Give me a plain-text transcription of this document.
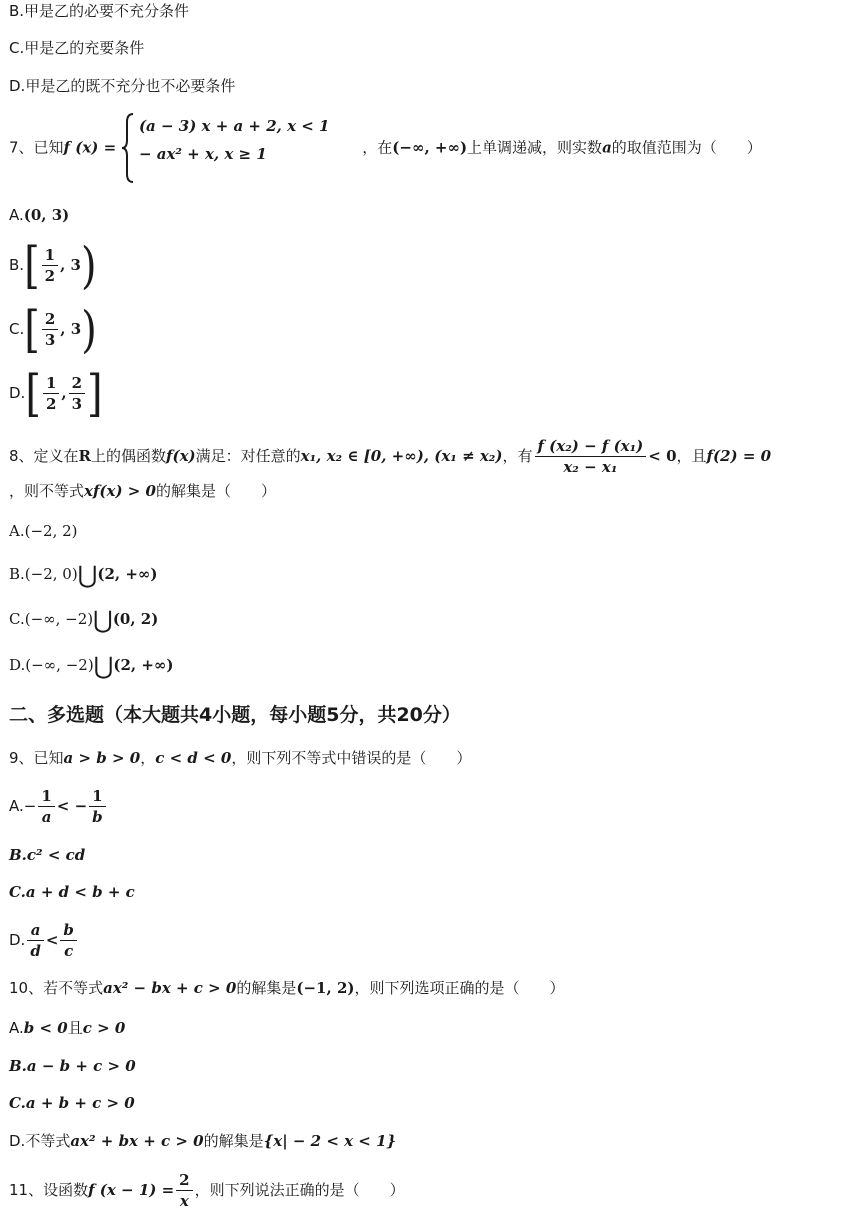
B.甲是乙的必要不充分条件
C.甲是乙的充要条件
D.甲是乙的既不充分也不必要条件
7、已知f (x) =
(a − 3) x + a + 2, x < 1
− ax² + x, x ≥ 1
	，在(−∞, +∞)上单调递减，则实数a的取值范围为（　　）
A.(0, 3)
$B.[ \frac{1}{2}$ , 3)
$C.[ \frac{2}{3}$ , 3)
$D.[ \frac{1}{2}$ , $\frac{2}{3}$ ]
8、定义在R上的偶函数f(x)满足：对任意的x₁, x₂ ∈ [0, +∞), (x₁ ≠ x₂)，有 $\frac{\text{f (x₂) − f (x₁)}}{\text{x₂ − x₁}} < 0$，且f(2) = 0
，则不等式xf(x) > 0的解集是（　　）
A.(−2, 2)
B.(−2, 0)⋃(2, +∞)
C.(−∞, −2)⋃(0, 2)
D.(−∞, −2)⋃(2, +∞)
二、多选题（本大题共4小题，每小题5分，共20分）
9、已知a > b > 0，c < d < 0，则下列不等式中错误的是（　　）
$A.- \frac{1}{a}$ < − $\frac{1}{b}$
B.c² < cd
C.a + d < b + c
D. $\frac{a}{d} < \frac{b}{c}$
10、若不等式ax² − bx + c > 0的解集是(−1, 2)，则下列选项正确的是（　　）
A.b < 0且c > 0
B.a − b + c > 0
C.a + b + c > 0
D.不等式ax² + bx + c > 0的解集是{x| − 2 < x < 1}
11、设函数f $(x - 1) = \frac{2}{x}$ ，则下列说法正确的是（　　）
